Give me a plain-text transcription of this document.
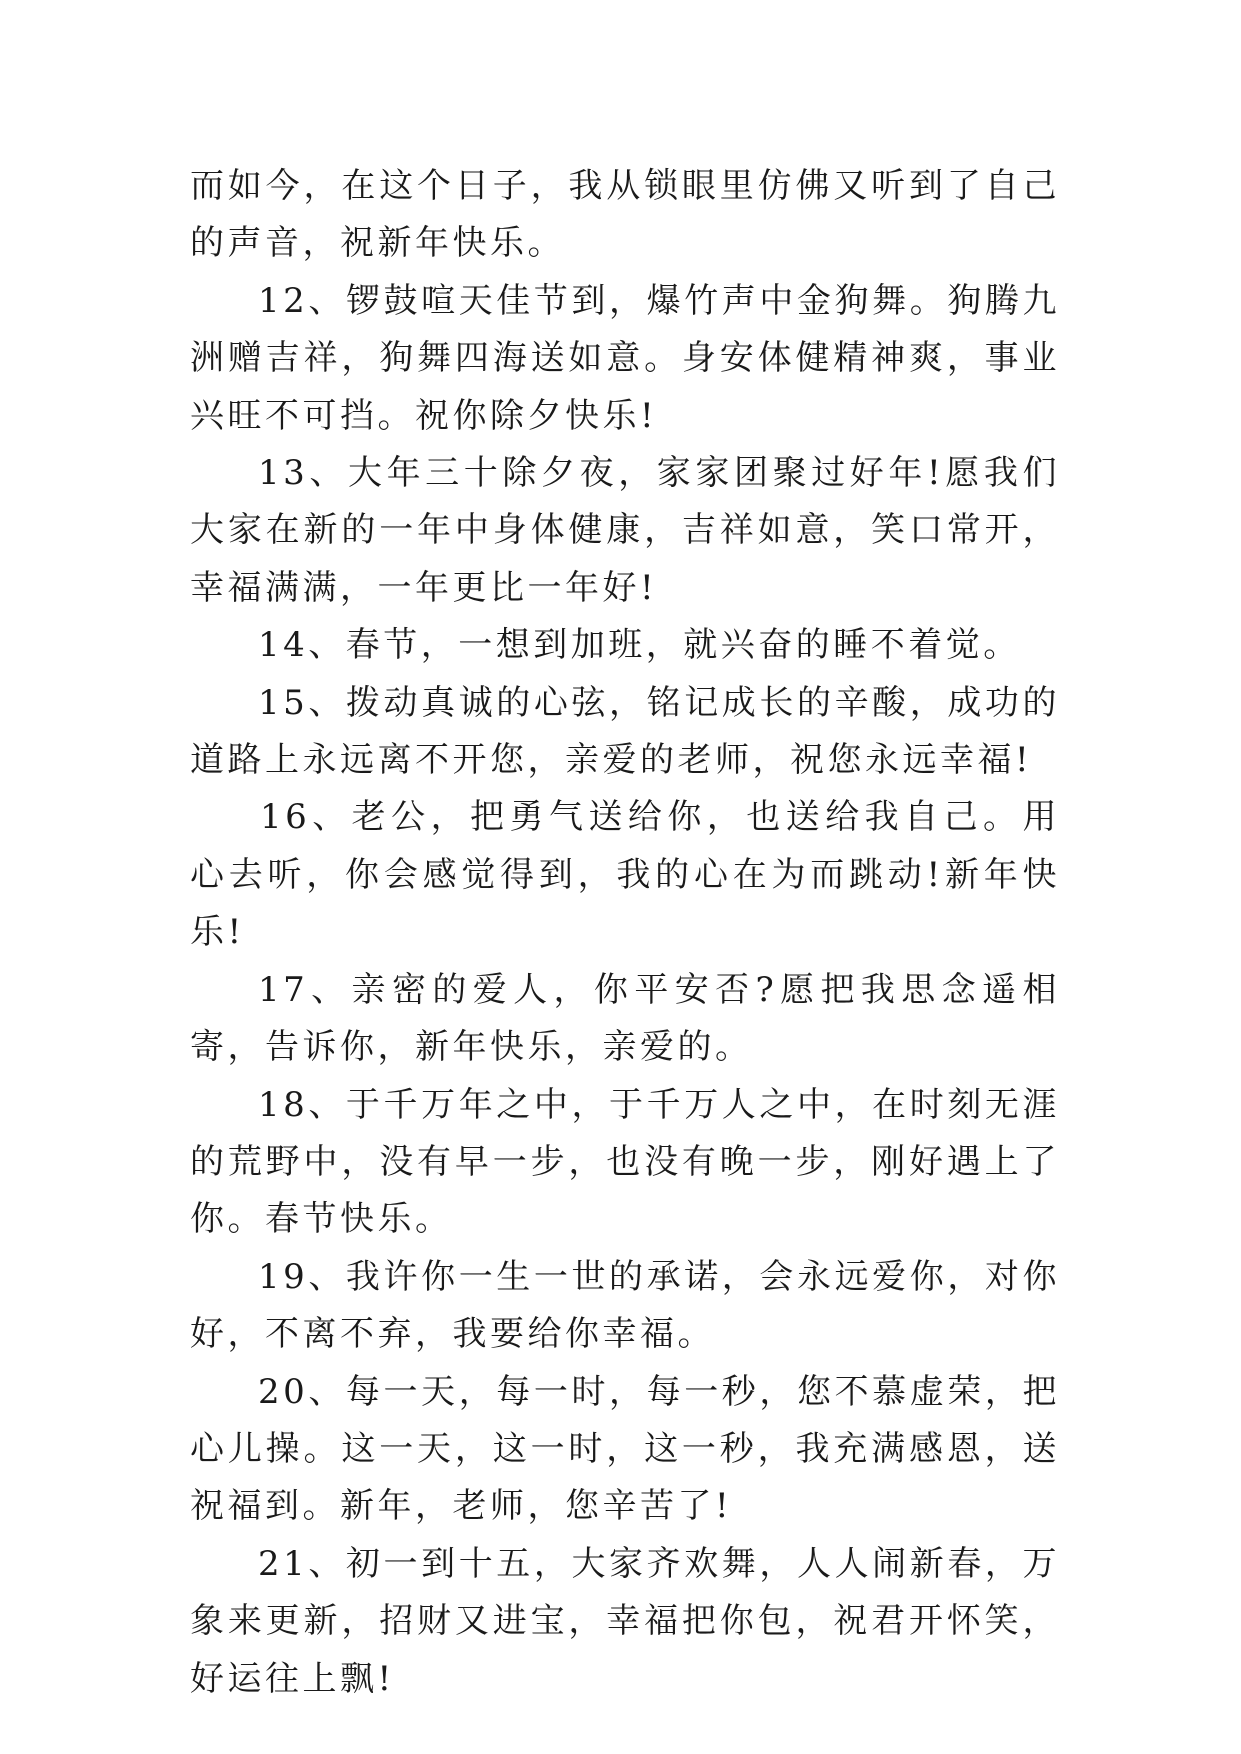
而如今，在这个日子，我从锁眼里仿佛又听到了自己的声音，祝新年快乐。

12、锣鼓喧天佳节到，爆竹声中金狗舞。狗腾九洲赠吉祥，狗舞四海送如意。身安体健精神爽，事业兴旺不可挡。祝你除夕快乐!

13、大年三十除夕夜，家家团聚过好年!愿我们大家在新的一年中身体健康，吉祥如意，笑口常开，幸福满满，一年更比一年好!

14、春节，一想到加班，就兴奋的睡不着觉。

15、拨动真诚的心弦，铭记成长的辛酸，成功的道路上永远离不开您，亲爱的老师，祝您永远幸福!

16、老公，把勇气送给你，也送给我自己。用心去听，你会感觉得到，我的心在为而跳动!新年快乐!

17、亲密的爱人，你平安否?愿把我思念遥相寄，告诉你，新年快乐，亲爱的。

18、于千万年之中，于千万人之中，在时刻无涯的荒野中，没有早一步，也没有晚一步，刚好遇上了你。春节快乐。

19、我许你一生一世的承诺，会永远爱你，对你好，不离不弃，我要给你幸福。

20、每一天，每一时，每一秒，您不慕虚荣，把心儿操。这一天，这一时，这一秒，我充满感恩，送祝福到。新年，老师，您辛苦了!

21、初一到十五，大家齐欢舞，人人闹新春，万象来更新，招财又进宝，幸福把你包，祝君开怀笑，好运往上飘!
